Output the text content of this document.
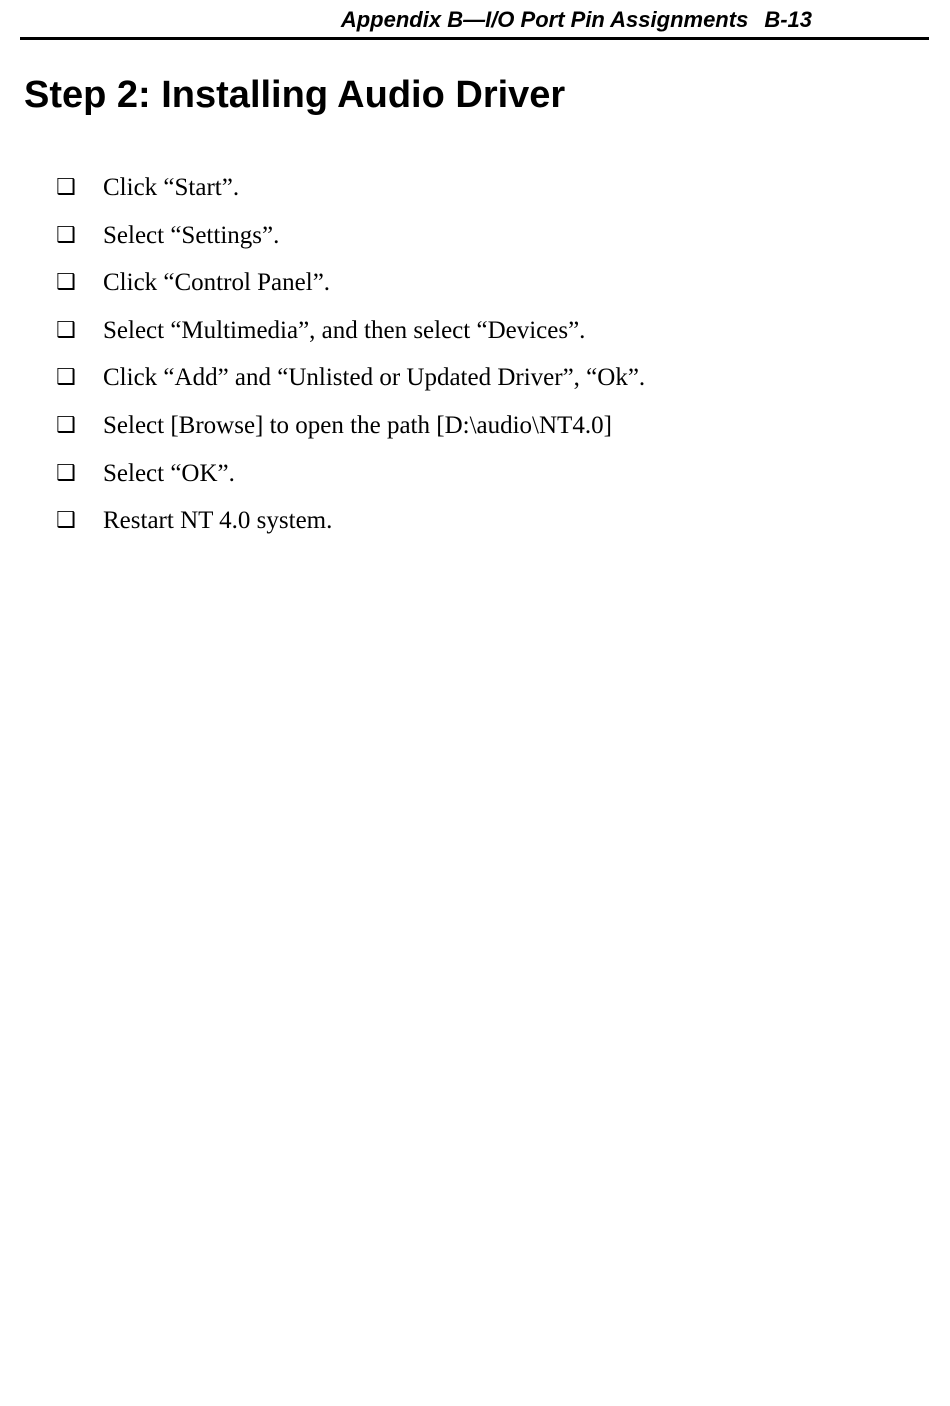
Appendix B—I/O Port Pin Assignments B-13
Step 2: Installing Audio Driver
❑ Click “Start”.
❑ Select “Settings”.
❑ Click “Control Panel”.
❑ Select “Multimedia”, and then select “Devices”.
❑ Click “Add” and “Unlisted or Updated Driver”, “Ok”.
❑ Select [Browse] to open the path [D:\audio\NT4.0]
❑ Select “OK”.
❑ Restart NT 4.0 system.
